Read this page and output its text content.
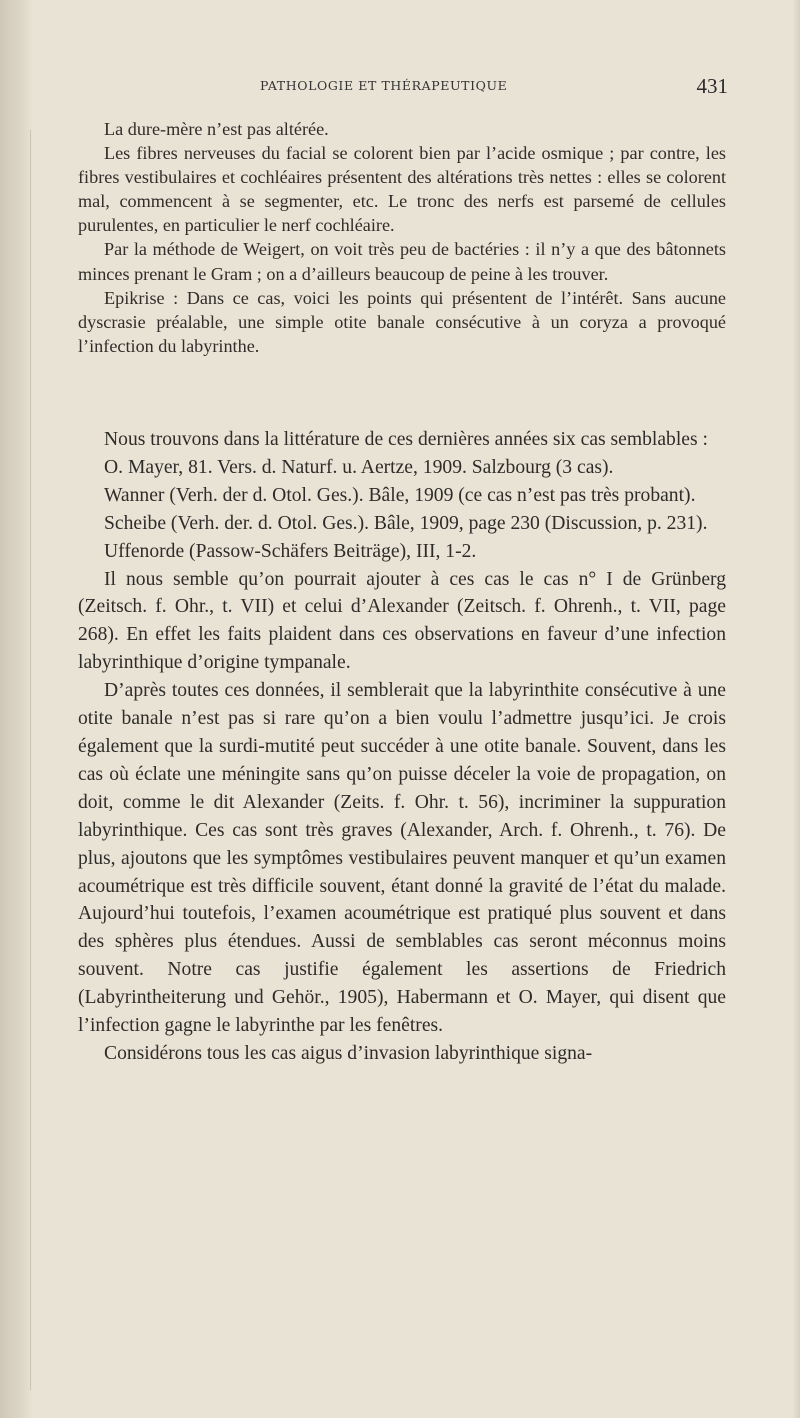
PATHOLOGIE ET THÉRAPEUTIQUE	431

La dure-mère n’est pas altérée.

Les fibres nerveuses du facial se colorent bien par l’acide osmique ; par contre, les fibres vestibulaires et cochléaires présentent des altérations très nettes : elles se colorent mal, commencent à se segmenter, etc. Le tronc des nerfs est parsemé de cellules purulentes, en particulier le nerf cochléaire.

Par la méthode de Weigert, on voit très peu de bactéries : il n’y a que des bâtonnets minces prenant le Gram ; on a d’ailleurs beaucoup de peine à les trouver.

Epikrise : Dans ce cas, voici les points qui présentent de l’intérêt. Sans aucune dyscrasie préalable, une simple otite banale consécutive à un coryza a provoqué l’infection du labyrinthe.

Nous trouvons dans la littérature de ces dernières années six cas semblables :

O. Mayer, 81. Vers. d. Naturf. u. Aertze, 1909. Salzbourg (3 cas).

Wanner (Verh. der d. Otol. Ges.). Bâle, 1909 (ce cas n’est pas très probant).

Scheibe (Verh. der. d. Otol. Ges.). Bâle, 1909, page 230 (Discussion, p. 231).

Uffenorde (Passow-Schäfers Beiträge), III, 1-2.

Il nous semble qu’on pourrait ajouter à ces cas le cas n° I de Grünberg (Zeitsch. f. Ohr., t. VII) et celui d’Alexander (Zeitsch. f. Ohrenh., t. VII, page 268). En effet les faits plaident dans ces observations en faveur d’une infection labyrinthique d’origine tympanale.

D’après toutes ces données, il semblerait que la labyrinthite consécutive à une otite banale n’est pas si rare qu’on a bien voulu l’admettre jusqu’ici. Je crois également que la surdi-mutité peut succéder à une otite banale. Souvent, dans les cas où éclate une méningite sans qu’on puisse déceler la voie de propagation, on doit, comme le dit Alexander (Zeits. f. Ohr. t. 56), incriminer la suppuration labyrinthique. Ces cas sont très graves (Alexander, Arch. f. Ohrenh., t. 76). De plus, ajoutons que les symptômes vestibulaires peuvent manquer et qu’un examen acoumétrique est très difficile souvent, étant donné la gravité de l’état du malade. Aujourd’hui toutefois, l’examen acoumétrique est pratiqué plus souvent et dans des sphères plus étendues. Aussi de semblables cas seront méconnus moins souvent. Notre cas justifie également les assertions de Friedrich (Labyrintheiterung und Gehör., 1905), Habermann et O. Mayer, qui disent que l’infection gagne le labyrinthe par les fenêtres.

Considérons tous les cas aigus d’invasion labyrinthique signa-
